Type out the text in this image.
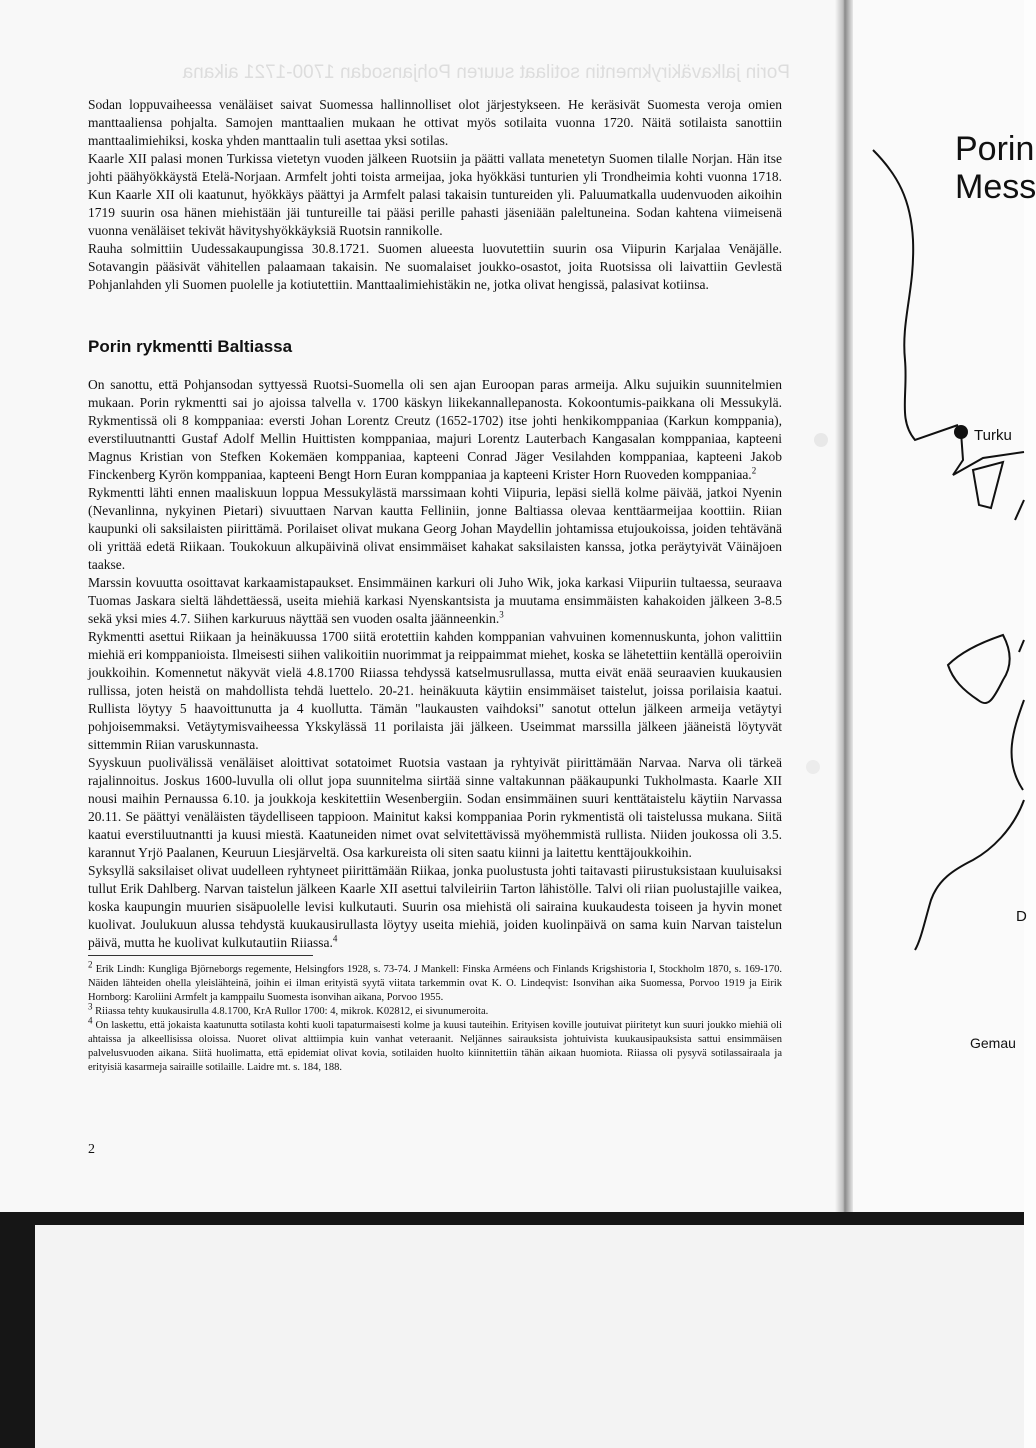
Porin jalkaväkirykmentin sotilaat suuren Pohjansodan 1700-1721 aikana

Sodan loppuvaiheessa venäläiset saivat Suomessa hallinnolliset olot järjestykseen. He keräsivät Suomesta veroja omien manttaaliensa pohjalta. Samojen manttaalien mukaan he ottivat myös sotilaita vuonna 1720. Näitä sotilaista sanottiin manttaalimiehiksi, koska yhden manttaalin tuli asettaa yksi sotilas.

Kaarle XII palasi monen Turkissa vietetyn vuoden jälkeen Ruotsiin ja päätti vallata menetetyn Suomen tilalle Norjan. Hän itse johti päähyökkäystä Etelä-Norjaan. Armfelt johti toista armeijaa, joka hyökkäsi tunturien yli Trondheimia kohti vuonna 1718. Kun Kaarle XII oli kaatunut, hyökkäys päättyi ja Armfelt palasi takaisin tuntureiden yli. Paluumatkalla uudenvuoden aikoihin 1719 suurin osa hänen miehistään jäi tuntureille tai pääsi perille pahasti jäseniään paleltuneina. Sodan kahtena viimeisenä vuonna venäläiset tekivät hävityshyökkäyksiä Ruotsin rannikolle.

Rauha solmittiin Uudessakaupungissa 30.8.1721. Suomen alueesta luovutettiin suurin osa Viipurin Karjalaa Venäjälle. Sotavangin pääsivät vähitellen palaamaan takaisin. Ne suomalaiset joukko-osastot, joita Ruotsissa oli laivattiin Gevlestä Pohjanlahden yli Suomen puolelle ja kotiutettiin. Manttaalimiehistäkin ne, jotka olivat hengissä, palasivat kotiinsa.

Porin rykmentti Baltiassa

On sanottu, että Pohjansodan syttyessä Ruotsi-Suomella oli sen ajan Euroopan paras armeija. Alku sujuikin suunnitelmien mukaan. Porin rykmentti sai jo ajoissa talvella v. 1700 käskyn liikekannallepanosta. Kokoontumis-paikkana oli Messukylä. Rykmentissä oli 8 komppaniaa: eversti Johan Lorentz Creutz (1652-1702) itse johti henkikomppaniaa (Karkun komppania), everstiluutnantti Gustaf Adolf Mellin Huittisten komppaniaa, majuri Lorentz Lauterbach Kangasalan komppaniaa, kapteeni Magnus Kristian von Stefken Kokemäen komppaniaa, kapteeni Conrad Jäger Vesilahden komppaniaa, kapteeni Jakob Finckenberg Kyrön komppaniaa, kapteeni Bengt Horn Euran komppaniaa ja kapteeni Krister Horn Ruoveden komppaniaa.$^2$

Rykmentti lähti ennen maaliskuun loppua Messukylästä marssimaan kohti Viipuria, lepäsi siellä kolme päivää, jatkoi Nyenin (Nevanlinna, nykyinen Pietari) sivuuttaen Narvan kautta Felliniin, jonne Baltiassa olevaa kenttäarmeijaa koottiin. Riian kaupunki oli saksilaisten piirittämä. Porilaiset olivat mukana Georg Johan Maydellin johtamissa etujoukoissa, joiden tehtävänä oli yrittää edetä Riikaan. Toukokuun alkupäivinä olivat ensimmäiset kahakat saksilaisten kanssa, jotka peräytyivät Väinäjoen taakse.

Marssin kovuutta osoittavat karkaamistapaukset. Ensimmäinen karkuri oli Juho Wik, joka karkasi Viipuriin tultaessa, seuraava Tuomas Jaskara sieltä lähdettäessä, useita miehiä karkasi Nyenskantsista ja muutama ensimmäisten kahakoiden jälkeen 3-8.5 sekä yksi mies 4.7. Siihen karkuruus näyttää sen vuoden osalta jäänneenkin.$^3$

Rykmentti asettui Riikaan ja heinäkuussa 1700 siitä erotettiin kahden komppanian vahvuinen komennuskunta, johon valittiin miehiä eri komppanioista. Ilmeisesti siihen valikoitiin nuorimmat ja reippaimmat miehet, koska se lähetettiin kentällä operoiviin joukkoihin. Komennetut näkyvät vielä 4.8.1700 Riiassa tehdyssä katselmusrullassa, mutta eivät enää seuraavien kuukausien rullissa, joten heistä on mahdollista tehdä luettelo. 20-21. heinäkuuta käytiin ensimmäiset taistelut, joissa porilaisia kaatui. Rullista löytyy 5 haavoittunutta ja 4 kuollutta. Tämän "laukausten vaihdoksi" sanotut ottelun jälkeen armeija vetäytyi pohjoisemmaksi. Vetäytymisvaiheessa Ykskylässä 11 porilaista jäi jälkeen. Useimmat marssilla jälkeen jääneistä löytyvät sittemmin Riian varuskunnasta.

Syyskuun puolivälissä venäläiset aloittivat sotatoimet Ruotsia vastaan ja ryhtyivät piirittämään Narvaa. Narva oli tärkeä rajalinnoitus. Joskus 1600-luvulla oli ollut jopa suunnitelma siirtää sinne valtakunnan pääkaupunki Tukholmasta. Kaarle XII nousi maihin Pernaussa 6.10. ja joukkoja keskitettiin Wesenbergiin. Sodan ensimmäinen suuri kenttätaistelu käytiin Narvassa 20.11. Se päättyi venäläisten täydelliseen tappioon. Mainitut kaksi komppaniaa Porin rykmentistä oli taistelussa mukana. Siitä kaatui everstiluutnantti ja kuusi miestä. Kaatuneiden nimet ovat selvitettävissä myöhemmistä rullista. Niiden joukossa oli 3.5. karannut Yrjö Paalanen, Keuruun Liesjärveltä. Osa karkureista oli siten saatu kiinni ja laitettu kenttäjoukkoihin.

Syksyllä saksilaiset olivat uudelleen ryhtyneet piirittämään Riikaa, jonka puolustusta johti taitavasti piirustuksistaan kuuluisaksi tullut Erik Dahlberg. Narvan taistelun jälkeen Kaarle XII asettui talvileiriin Tarton lähistölle. Talvi oli riian puolustajille vaikea, koska kaupungin muurien sisäpuolelle levisi kulkutauti. Suurin osa miehistä oli sairaina kuukaudesta toiseen ja hyvin monet kuolivat. Joulukuun alussa tehdystä kuukausirullasta löytyy useita miehiä, joiden kuolinpäivä on sama kuin Narvan taistelun päivä, mutta he kuolivat kulkutautiin Riiassa.$^4$

$^2$ Erik Lindh: Kungliga Björneborgs regemente, Helsingfors 1928, s. 73-74. J Mankell: Finska Arméens och Finlands Krigshistoria I, Stockholm 1870, s. 169-170. Näiden lähteiden ohella yleislähteinä, joihin ei ilman erityistä syytä viitata tarkemmin ovat K. O. Lindeqvist: Isonvihan aika Suomessa, Porvoo 1919 ja Eirik Hornborg: Karoliini Armfelt ja kamppailu Suomesta isonvihan aikana, Porvoo 1955.

$^3$ Riiassa tehty kuukausirulla 4.8.1700, KrA Rullor 1700: 4, mikrok. K02812, ei sivunumeroita.

$^4$ On laskettu, että jokaista kaatunutta sotilasta kohti kuoli tapaturmaisesti kolme ja kuusi tauteihin. Erityisen koville joutuivat piiritetyt kun suuri joukko miehiä oli ahtaissa ja alkeellisissa oloissa. Nuoret olivat alttiimpia kuin vanhat veteraanit. Neljännes sairauksista johtuivista kuukausipauksista sattui ensimmäisen palvelusvuoden aikana. Siitä huolimatta, että epidemiat olivat kovia, sotilaiden huolto kiinnitettiin tähän aikaan huomiota. Riiassa oli pysyvä sotilassairaala ja erityisiä kasarmeja sairaille sotilaille. Laidre mt. s. 184, 188.

2
Porin
Mess
Turku
D
Gemau
